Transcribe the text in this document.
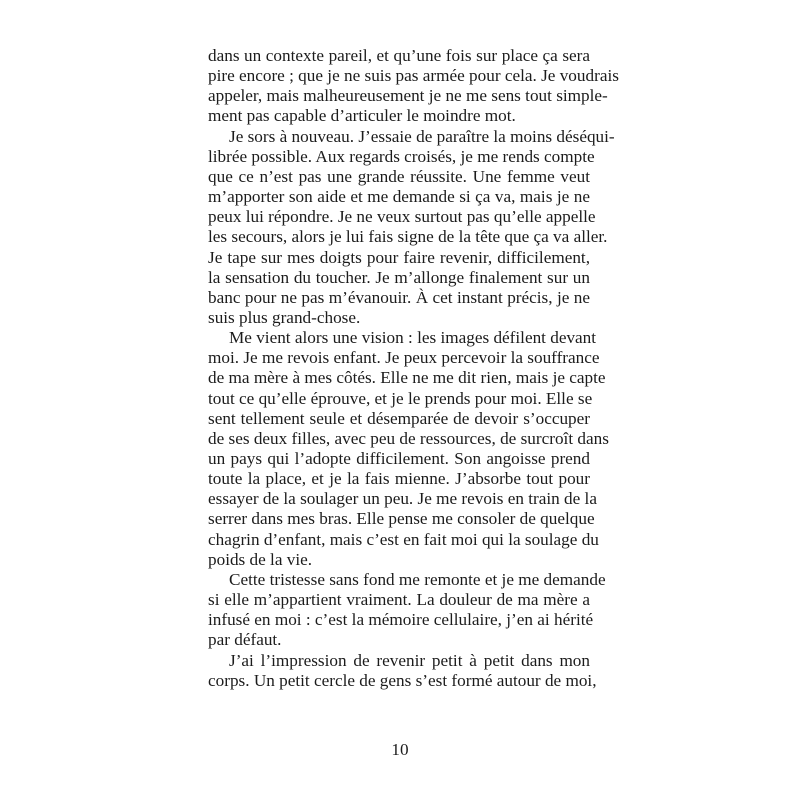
dans un contexte pareil, et qu’une fois sur place ça sera
pire encore ; que je ne suis pas armée pour cela. Je voudrais
appeler, mais malheureusement je ne me sens tout simple-
ment pas capable d’articuler le moindre mot.
Je sors à nouveau. J’essaie de paraître la moins déséqui-
librée possible. Aux regards croisés, je me rends compte
que ce n’est pas une grande réussite. Une femme veut
m’apporter son aide et me demande si ça va, mais je ne
peux lui répondre. Je ne veux surtout pas qu’elle appelle
les secours, alors je lui fais signe de la tête que ça va aller.
Je tape sur mes doigts pour faire revenir, difficilement,
la sensation du toucher. Je m’allonge finalement sur un
banc pour ne pas m’évanouir. À cet instant précis, je ne
suis plus grand-chose.
Me vient alors une vision : les images défilent devant
moi. Je me revois enfant. Je peux percevoir la souffrance
de ma mère à mes côtés. Elle ne me dit rien, mais je capte
tout ce qu’elle éprouve, et je le prends pour moi. Elle se
sent tellement seule et désemparée de devoir s’occuper
de ses deux filles, avec peu de ressources, de surcroît dans
un pays qui l’adopte difficilement. Son angoisse prend
toute la place, et je la fais mienne. J’absorbe tout pour
essayer de la soulager un peu. Je me revois en train de la
serrer dans mes bras. Elle pense me consoler de quelque
chagrin d’enfant, mais c’est en fait moi qui la soulage du
poids de la vie.
Cette tristesse sans fond me remonte et je me demande
si elle m’appartient vraiment. La douleur de ma mère a
infusé en moi : c’est la mémoire cellulaire, j’en ai hérité
par défaut.
J’ai l’impression de revenir petit à petit dans mon
corps. Un petit cercle de gens s’est formé autour de moi,
10
